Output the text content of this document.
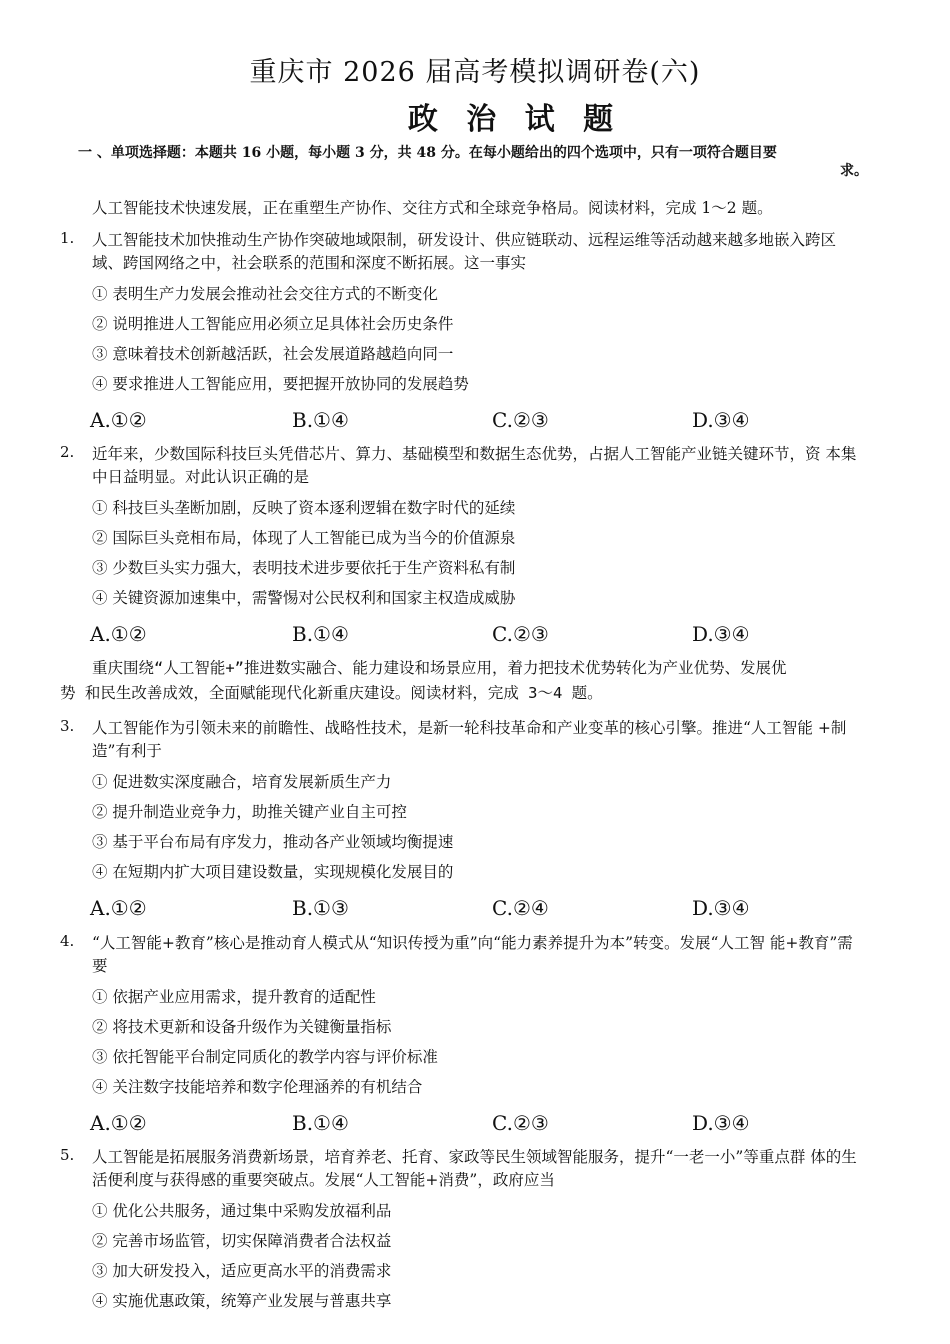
重庆市 2026 届高考模拟调研卷(六)
政 治 试 题
一 、单项选择题：本题共 16 小题，每小题 3 分，共 48 分。在每小题给出的四个选项中，只有一项符合题目要
求。
人工智能技术快速发展，正在重塑生产协作、交往方式和全球竞争格局。阅读材料，完成 1～2 题。
1. 人工智能技术加快推动生产协作突破地域限制，研发设计、供应链联动、远程运维等活动越来越多地嵌入跨区域、跨国网络之中，社会联系的范围和深度不断拓展。这一事实
① 表明生产力发展会推动社会交往方式的不断变化
② 说明推进人工智能应用必须立足具体社会历史条件
③ 意味着技术创新越活跃，社会发展道路越趋向同一
④ 要求推进人工智能应用，要把握开放协同的发展趋势
A.①②	B.①④	C.②③	D.③④
2. 近年来，少数国际科技巨头凭借芯片、算力、基础模型和数据生态优势，占据人工智能产业链关键环节，资 本集中日益明显。对此认识正确的是
① 科技巨头垄断加剧，反映了资本逐利逻辑在数字时代的延续
② 国际巨头竞相布局，体现了人工智能已成为当今的价值源泉
③ 少数巨头实力强大，表明技术进步要依托于生产资料私有制
④ 关键资源加速集中，需警惕对公民权利和国家主权造成威胁
A.①②	B.①④	C.②③	D.③④
重庆围绕“人工智能+”推进数实融合、能力建设和场景应用，着力把技术优势转化为产业优势、发展优
势 和民生改善成效，全面赋能现代化新重庆建设。阅读材料，完成 3～4 题。
3. 人工智能作为引领未来的前瞻性、战略性技术，是新一轮科技革命和产业变革的核心引擎。推进“人工智能 +制造”有利于
① 促进数实深度融合，培育发展新质生产力
② 提升制造业竞争力，助推关键产业自主可控
③ 基于平台布局有序发力，推动各产业领域均衡提速
④ 在短期内扩大项目建设数量，实现规模化发展目的
A.①②	B.①③	C.②④	D.③④
4. “人工智能+教育”核心是推动育人模式从“知识传授为重”向“能力素养提升为本”转变。发展“人工智 能+教育”需要
① 依据产业应用需求，提升教育的适配性
② 将技术更新和设备升级作为关键衡量指标
③ 依托智能平台制定同质化的教学内容与评价标准
④ 关注数字技能培养和数字伦理涵养的有机结合
A.①②	B.①④	C.②③	D.③④
5. 人工智能是拓展服务消费新场景，培育养老、托育、家政等民生领域智能服务，提升“一老一小”等重点群 体的生活便利度与获得感的重要突破点。发展“人工智能+消费”，政府应当
① 优化公共服务，通过集中采购发放福利品
② 完善市场监管，切实保障消费者合法权益
③ 加大研发投入，适应更高水平的消费需求
④ 实施优惠政策，统筹产业发展与普惠共享
